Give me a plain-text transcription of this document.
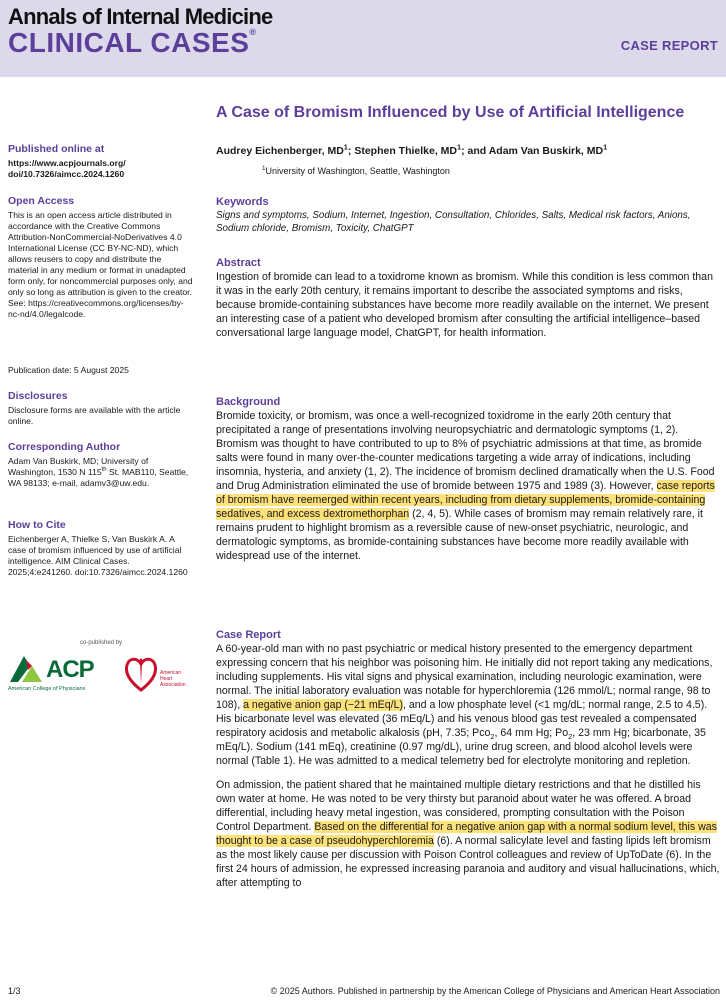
Annals of Internal Medicine
CLINICAL CASES®
CASE REPORT
A Case of Bromism Influenced by Use of Artificial Intelligence
Audrey Eichenberger, $MD^1$; Stephen Thielke, $MD^1$; and Adam Van Buskirk, $MD^1$
$^1$University of Washington, Seattle, Washington
Published online at

https://www.acpjournals.org/

doi/10.7326/aimcc.2024.1260

Open Access

This is an open access article distributed in accordance with the Creative Commons Attribution-NonCommercial-NoDerivatives 4.0 International License (CC BY-NC-ND), which allows reusers to copy and distribute the material in any medium or format in unadapted form only, for noncommercial purposes only, and only so long as attribution is given to the creator. See: https://creativecommons.org/licenses/by-nc-nd/4.0/legalcode.

Publication date: 5 August 2025

Disclosures

Disclosure forms are available with the article online.

Corresponding Author

Adam Van Buskirk, MD; University of Washington, 1530 N 115th St. MAB110, Seattle, WA 98133; e-mail, adamv3@uw.edu.

How to Cite

Eichenberger A, Thielke S, Van Buskirk A. A case of bromism influenced by use of artificial intelligence. AIM Clinical Cases. 2025;4:e241260. doi:10.7326/aimcc.2024.1260

co-published by
ACP
American College of Physicians
American
Heart
Association.
Keywords

Signs and symptoms, Sodium, Internet, Ingestion, Consultation, Chlorides, Salts, Medical risk factors, Anions, Sodium chloride, Bromism, Toxicity, ChatGPT

Abstract

Ingestion of bromide can lead to a toxidrome known as bromism. While this condition is less common than it was in the early 20th century, it remains important to describe the associated symptoms and risks, because bromide-containing substances have become more readily available on the internet. We present an interesting case of a patient who developed bromism after consulting the artificial intelligence–based conversational large language model, ChatGPT, for health information.

Background

Bromide toxicity, or bromism, was once a well-recognized toxidrome in the early 20th century that precipitated a range of presentations involving neuropsychiatric and dermatologic symptoms (1, 2). Bromism was thought to have contributed to up to 8% of psychiatric admissions at that time, as bromide salts were found in many over-the-counter medications targeting a wide array of indications, including insomnia, hysteria, and anxiety (1, 2). The incidence of bromism declined dramatically when the U.S. Food and Drug Administration eliminated the use of bromide between 1975 and 1989 (3). However, case reports of bromism have reemerged within recent years, including from dietary supplements, bromide-containing sedatives, and excess dextromethorphan (2, 4, 5). While cases of bromism may remain relatively rare, it remains prudent to highlight bromism as a reversible cause of new-onset psychiatric, neurologic, and dermatologic symptoms, as bromide-containing substances have become more readily available with widespread use of the internet.

Case Report

A 60-year-old man with no past psychiatric or medical history presented to the emergency department expressing concern that his neighbor was poisoning him. He initially did not report taking any medications, including supplements. His vital signs and physical examination, including neurologic examination, were normal. The initial laboratory evaluation was notable for hyperchloremia (126 mmol/L; normal range, 98 to 108), a negative anion gap (−21 mEq/L), and a low phosphate level (<1 mg/dL; normal range, 2.5 to 4.5). His bicarbonate level was elevated (36 mEq/L) and his venous blood gas test revealed a compensated respiratory acidosis and metabolic alkalosis (pH, 7.35; Pco$_2$, 64 mm Hg; $Po_2$, 23 mm Hg; bicarbonate, 35 mEq/L). Sodium (141 mEq), creatinine (0.97 mg/dL), urine drug screen, and blood alcohol levels were normal (Table 1). He was admitted to a medical telemetry bed for electrolyte monitoring and repletion.

On admission, the patient shared that he maintained multiple dietary restrictions and that he distilled his own water at home. He was noted to be very thirsty but paranoid about water he was offered. A broad differential, including heavy metal ingestion, was considered, prompting consultation with the Poison Control Department. Based on the differential for a negative anion gap with a normal sodium level, this was thought to be a case of pseudohyperchloremia (6). A normal salicylate level and fasting lipids left bromism as the most likely cause per discussion with Poison Control colleagues and review of UpToDate (6). In the first 24 hours of admission, he expressed increasing paranoia and auditory and visual hallucinations, which, after attempting to

1/3	© 2025 Authors. Published in partnership by the American College of Physicians and American Heart Association
